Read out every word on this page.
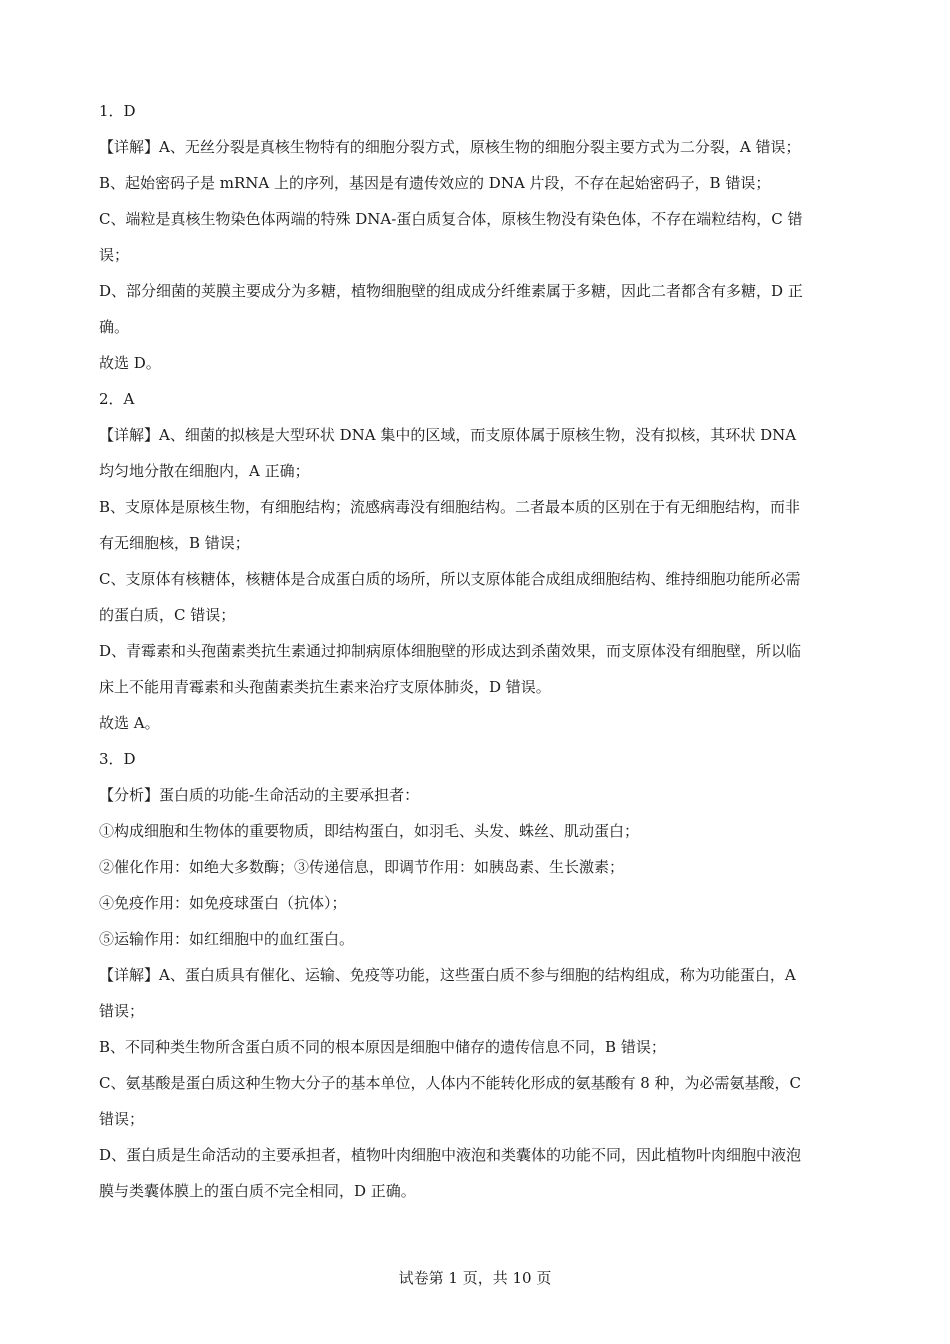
1．D
【详解】A、无丝分裂是真核生物特有的细胞分裂方式，原核生物的细胞分裂主要方式为二分裂，A 错误；
B、起始密码子是 mRNA 上的序列，基因是有遗传效应的 DNA 片段，不存在起始密码子，B 错误；
C、端粒是真核生物染色体两端的特殊 DNA-蛋白质复合体，原核生物没有染色体，不存在端粒结构，C 错
误；
D、部分细菌的荚膜主要成分为多糖，植物细胞壁的组成成分纤维素属于多糖，因此二者都含有多糖，D 正
确。
故选 D。
2．A
【详解】A、细菌的拟核是大型环状 DNA 集中的区域，而支原体属于原核生物，没有拟核，其环状 DNA
均匀地分散在细胞内，A 正确；
B、支原体是原核生物，有细胞结构；流感病毒没有细胞结构。二者最本质的区别在于有无细胞结构，而非
有无细胞核，B 错误；
C、支原体有核糖体，核糖体是合成蛋白质的场所，所以支原体能合成组成细胞结构、维持细胞功能所必需
的蛋白质，C 错误；
D、青霉素和头孢菌素类抗生素通过抑制病原体细胞壁的形成达到杀菌效果，而支原体没有细胞壁，所以临
床上不能用青霉素和头孢菌素类抗生素来治疗支原体肺炎，D 错误。
故选 A。
3．D
【分析】蛋白质的功能-生命活动的主要承担者：
①构成细胞和生物体的重要物质，即结构蛋白，如羽毛、头发、蛛丝、肌动蛋白；
②催化作用：如绝大多数酶；③传递信息，即调节作用：如胰岛素、生长激素；
④免疫作用：如免疫球蛋白（抗体）；
⑤运输作用：如红细胞中的血红蛋白。
【详解】A、蛋白质具有催化、运输、免疫等功能，这些蛋白质不参与细胞的结构组成，称为功能蛋白，A
错误；
B、不同种类生物所含蛋白质不同的根本原因是细胞中储存的遗传信息不同，B 错误；
C、氨基酸是蛋白质这种生物大分子的基本单位，人体内不能转化形成的氨基酸有 8 种，为必需氨基酸，C
错误；
D、蛋白质是生命活动的主要承担者，植物叶肉细胞中液泡和类囊体的功能不同，因此植物叶肉细胞中液泡
膜与类囊体膜上的蛋白质不完全相同，D 正确。
试卷第 1 页，共 10 页
